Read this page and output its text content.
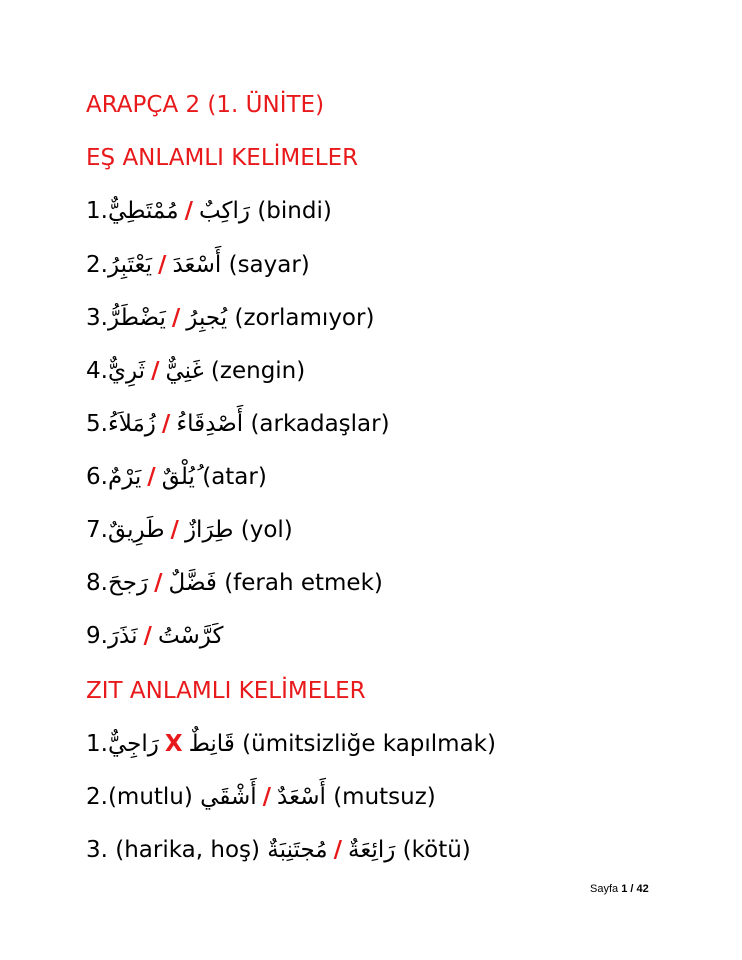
ARAPÇA 2 (1. ÜNİTE)
EŞ ANLAMLI KELİMELER
1.مُمْتَطِيٌّ / رَاكِبٌ (bindi)
2.يَعْتَبِرُ / أَسْعَدَ (sayar)
3.يَضْطَرُّ / يُجبِرُ (zorlamıyor)
4.ثَرِيٌّ / غَنِيٌّ (zengin)
5.زُمَلاَءُ / أَصْدِقَاءُ (arkadaşlar)
6.يَرْمٌ / ُيُلْقٌ (atar)
7.طَرِيقٌ / طِرَازٌ (yol)
8.رَجحَ / فَضَّلٌ (ferah etmek)
9.نَذَرَ / كَرَّسْتُ
ZIT ANLAMLI KELİMELER
1.رَاجِيٌّ X قَانِطٌ (ümitsizliğe kapılmak)
2.(mutlu) أَشْقَي / أَسْعَدٌ (mutsuz)
3. (harika, hoş) مُجتَنِبَةٌ / رَائِعَةٌ (kötü)
Sayfa 1 / 42
